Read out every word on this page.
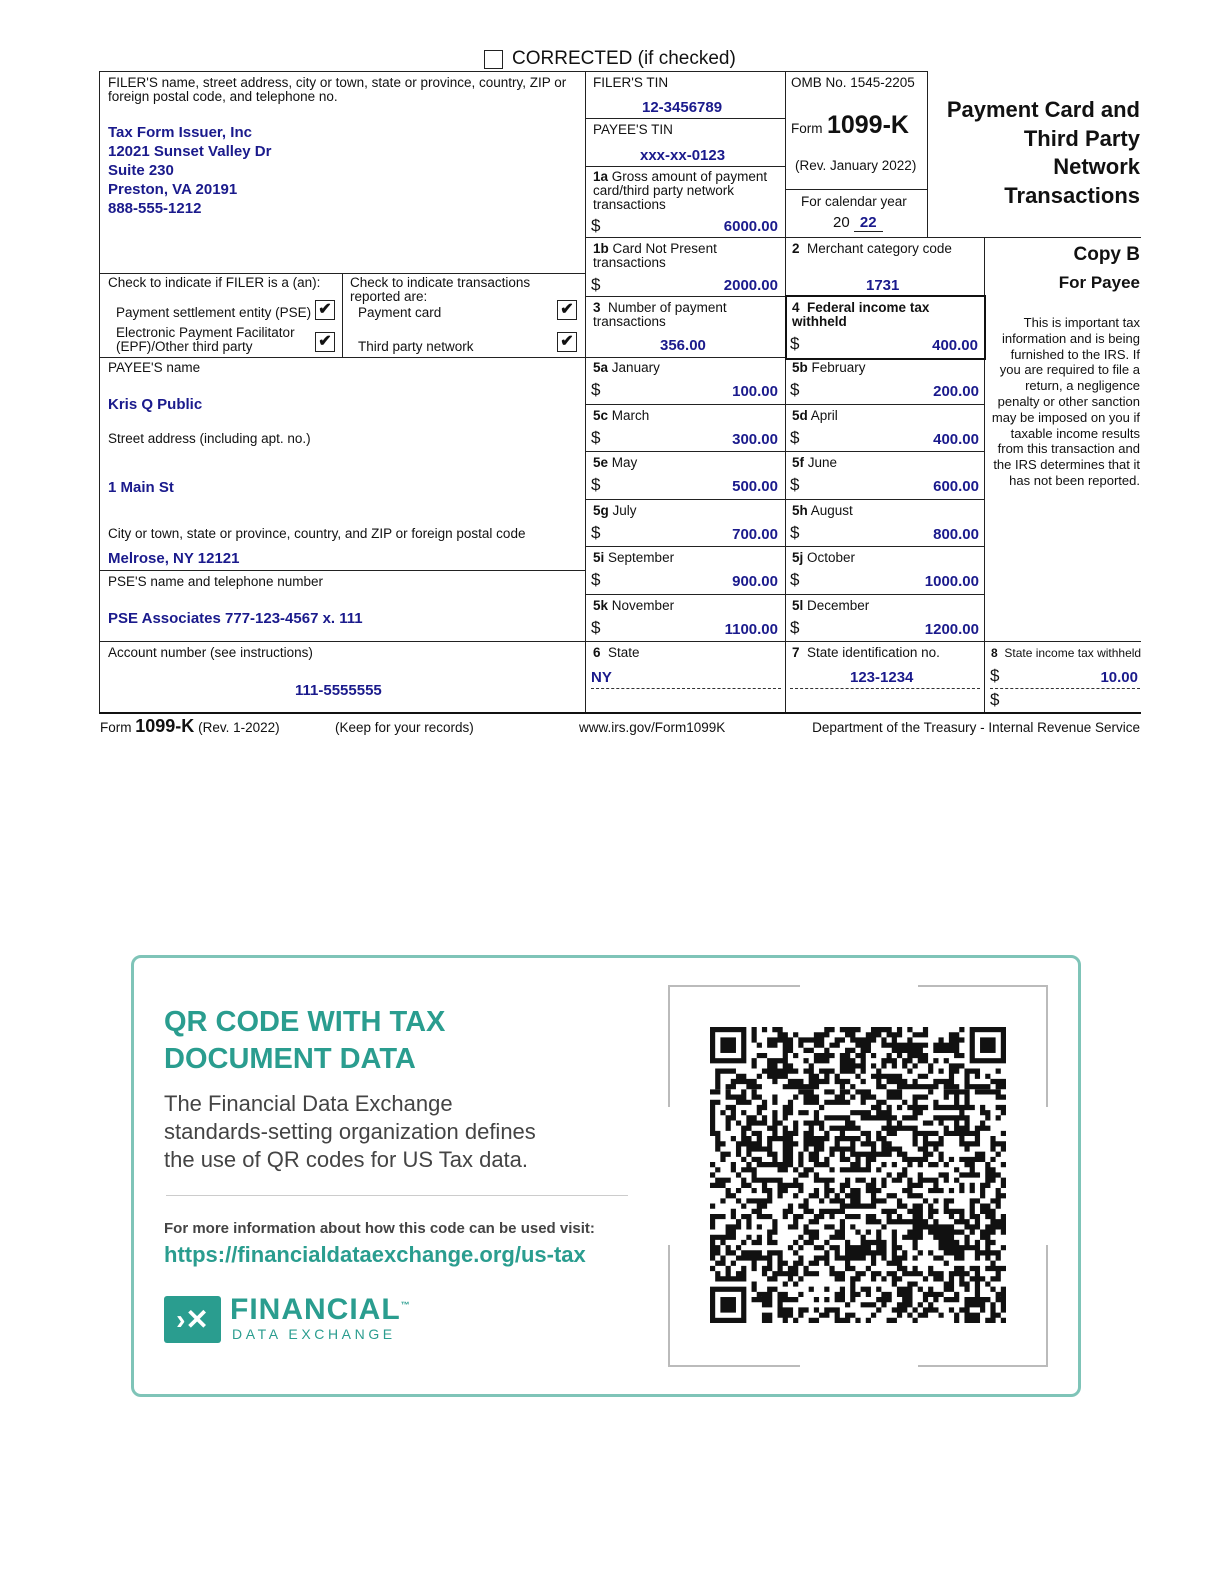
CORRECTED (if checked)
FILER'S name, street address, city or town, state or province, country, ZIP or foreign postal code, and telephone no.
Tax Form Issuer, Inc
12021 Sunset Valley Dr
Suite 230
Preston, VA 20191
888-555-1212
Check to indicate if FILER is a (an):
Payment settlement entity (PSE) ✔
Electronic Payment Facilitator (EPF)/Other third party	✔
Check to indicate transactions reported are:
Payment card	✔
Third party network	✔
PAYEE'S name
Kris Q Public
Street address (including apt. no.)
1 Main St
City or town, state or province, country, and ZIP or foreign postal code
Melrose, NY 12121
PSE'S name and telephone number
PSE Associates 777-123-4567 x. 111
Account number (see instructions)
111-5555555
FILER'S TIN
12-3456789
PAYEE'S TIN
xxx-xx-0123
1a Gross amount of payment card/third party network transactions
$	6000.00
OMB No. 1545-2205
Form 1099-K
(Rev. January 2022)
For calendar year
20 22
Payment Card and
Third Party
Network
Transactions
Copy B
For Payee
This is important tax information and is being furnished to the IRS. If you are required to file a return, a negligence penalty or other sanction may be imposed on you if taxable income results from this transaction and the IRS determines that it has not been reported.
1b Card Not Present transactions
$	2000.00
2 Merchant category code
1731
3 Number of payment transactions
356.00
4 Federal income tax withheld
$	400.00
5a January
$	100.00
5b February
$	200.00
5c March
$	300.00
5d April
$	400.00
5e May
$	500.00
5f June
$	600.00
5g July
$	700.00
5h August
$	800.00
5i September
$	900.00
5j October
$	1000.00
5k November
$	1100.00
5l December
$	1200.00
6 State
NY
7 State identification no.
123-1234
8 State income tax withheld
$	10.00
$
Form 1099-K (Rev. 1-2022)	(Keep for your records)	www.irs.gov/Form1099K	Department of the Treasury - Internal Revenue Service
QR CODE WITH TAX
DOCUMENT DATA
The Financial Data Exchange
standards-setting organization defines
the use of QR codes for US Tax data.
For more information about how this code can be used visit:
https://financialdataexchange.org/us-tax
›✕ FINANCIAL™
DATA EXCHANGE
